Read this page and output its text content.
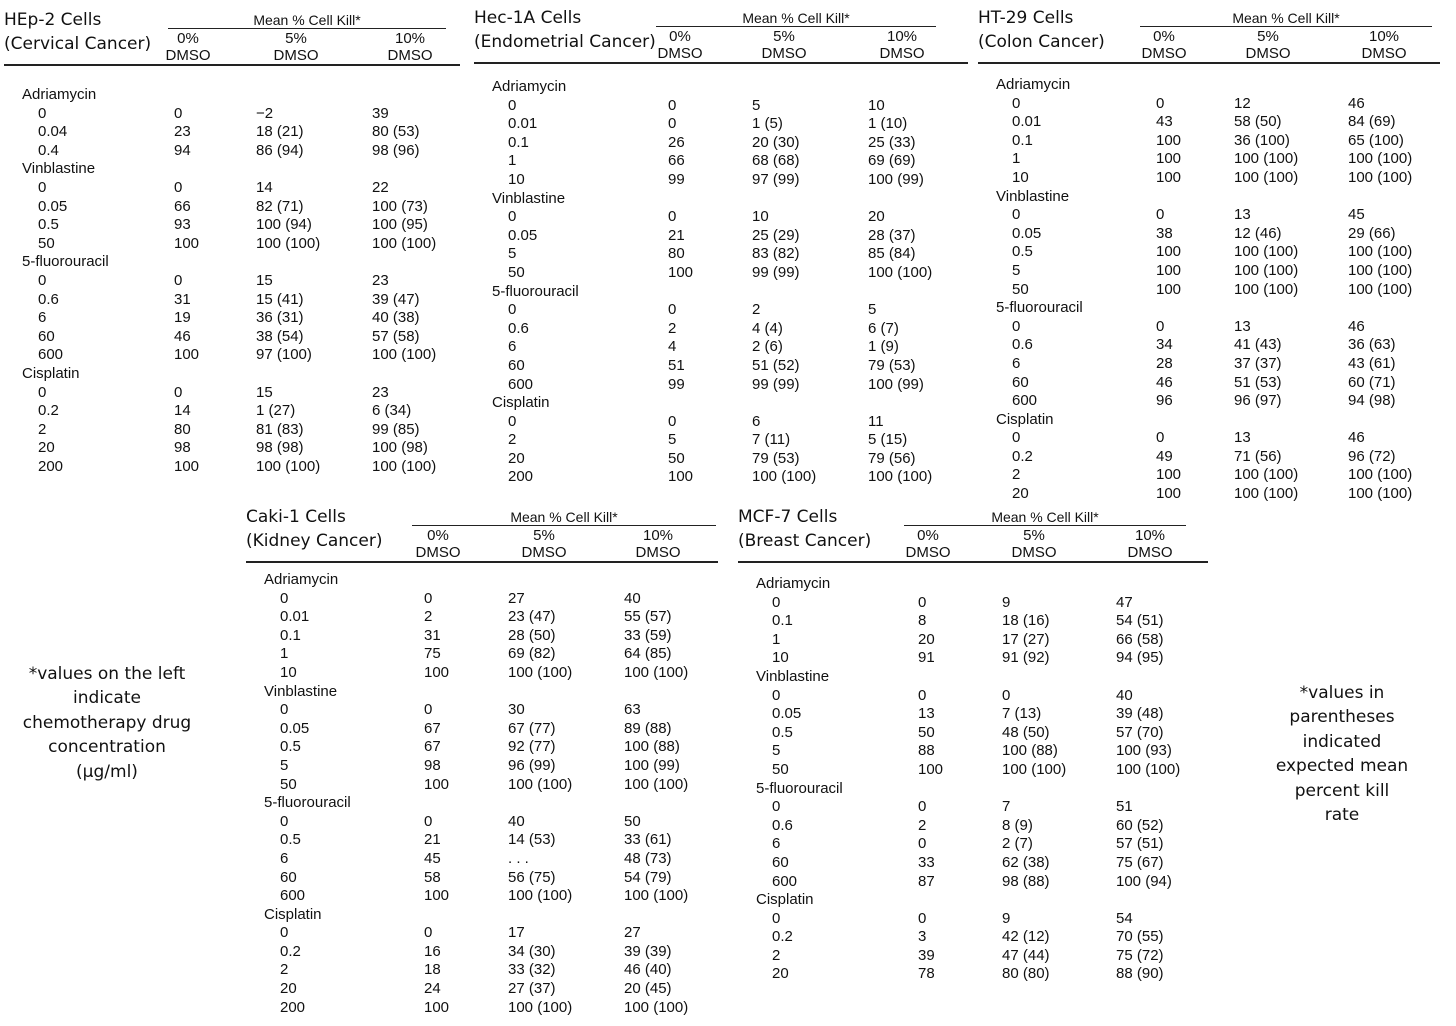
HEp-2 Cells
(Cervical Cancer)
Mean % Cell Kill*
0%
DMSO
5%
DMSO
10%
DMSO
Adriamycin
0	0	−2	39
0.04	23	18 (21)	80 (53)
0.4	94	86 (94)	98 (96)
Vinblastine
0	0	14	22
0.05	66	82 (71)	100 (73)
0.5	93	100 (94)	100 (95)
50	100	100 (100)	100 (100)
5-fluorouracil
0	0	15	23
0.6	31	15 (41)	39 (47)
6	19	36 (31)	40 (38)
60	46	38 (54)	57 (58)
600	100	97 (100)	100 (100)
Cisplatin
0	0	15	23
0.2	14	1 (27)	6 (34)
2	80	81 (83)	99 (85)
20	98	98 (98)	100 (98)
200	100	100 (100)	100 (100)
Hec-1A Cells
(Endometrial Cancer)
Mean % Cell Kill*
0%
DMSO
5%
DMSO
10%
DMSO
Adriamycin
0	0	5	10
0.01	0	1 (5)	1 (10)
0.1	26	20 (30)	25 (33)
1	66	68 (68)	69 (69)
10	99	97 (99)	100 (99)
Vinblastine
0	0	10	20
0.05	21	25 (29)	28 (37)
5	80	83 (82)	85 (84)
50	100	99 (99)	100 (100)
5-fluorouracil
0	0	2	5
0.6	2	4 (4)	6 (7)
6	4	2 (6)	1 (9)
60	51	51 (52)	79 (53)
600	99	99 (99)	100 (99)
Cisplatin
0	0	6	11
2	5	7 (11)	5 (15)
20	50	79 (53)	79 (56)
200	100	100 (100)	100 (100)
HT-29 Cells
(Colon Cancer)
Mean % Cell Kill*
0%
DMSO
5%
DMSO
10%
DMSO
Adriamycin
0	0	12	46
0.01	43	58 (50)	84 (69)
0.1	100	36 (100)	65 (100)
1	100	100 (100)	100 (100)
10	100	100 (100)	100 (100)
Vinblastine
0	0	13	45
0.05	38	12 (46)	29 (66)
0.5	100	100 (100)	100 (100)
5	100	100 (100)	100 (100)
50	100	100 (100)	100 (100)
5-fluorouracil
0	0	13	46
0.6	34	41 (43)	36 (63)
6	28	37 (37)	43 (61)
60	46	51 (53)	60 (71)
600	96	96 (97)	94 (98)
Cisplatin
0	0	13	46
0.2	49	71 (56)	96 (72)
2	100	100 (100)	100 (100)
20	100	100 (100)	100 (100)
Caki-1 Cells
(Kidney Cancer)
Mean % Cell Kill*
0%
DMSO
5%
DMSO
10%
DMSO
Adriamycin
0	0	27	40
0.01	2	23 (47)	55 (57)
0.1	31	28 (50)	33 (59)
1	75	69 (82)	64 (85)
10	100	100 (100)	100 (100)
Vinblastine
0	0	30	63
0.05	67	67 (77)	89 (88)
0.5	67	92 (77)	100 (88)
5	98	96 (99)	100 (99)
50	100	100 (100)	100 (100)
5-fluorouracil
0	0	40	50
0.5	21	14 (53)	33 (61)
6	45	. . .	48 (73)
60	58	56 (75)	54 (79)
600	100	100 (100)	100 (100)
Cisplatin
0	0	17	27
0.2	16	34 (30)	39 (39)
2	18	33 (32)	46 (40)
20	24	27 (37)	20 (45)
200	100	100 (100)	100 (100)
MCF-7 Cells
(Breast Cancer)
Mean % Cell Kill*
0%
DMSO
5%
DMSO
10%
DMSO
Adriamycin
0	0	9	47
0.1	8	18 (16)	54 (51)
1	20	17 (27)	66 (58)
10	91	91 (92)	94 (95)
Vinblastine
0	0	0	40
0.05	13	7 (13)	39 (48)
0.5	50	48 (50)	57 (70)
5	88	100 (88)	100 (93)
50	100	100 (100)	100 (100)
5-fluorouracil
0	0	7	51
0.6	2	8 (9)	60 (52)
6	0	2 (7)	57 (51)
60	33	62 (38)	75 (67)
600	87	98 (88)	100 (94)
Cisplatin
0	0	9	54
0.2	3	42 (12)	70 (55)
2	39	47 (44)	75 (72)
20	78	80 (80)	88 (90)
*values on the left
indicate
chemotherapy drug
concentration
(µg/ml)
*values in
parentheses
indicated
expected mean
percent kill
rate
